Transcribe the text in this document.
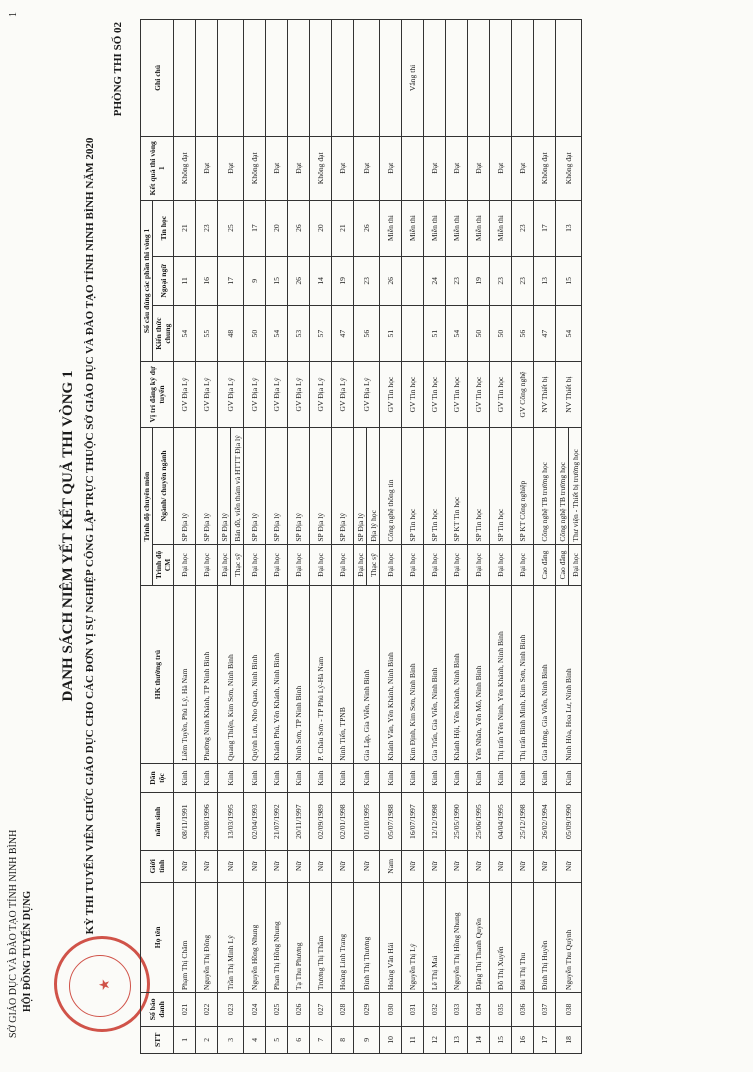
1
SỞ GIÁO DỤC VÀ ĐÀO TẠO TỈNH NINH BÌNH HỘI ĐỒNG TUYỂN DỤNG	★
DANH SÁCH NIÊM YẾT KẾT QUẢ THI VÒNG 1 KỲ THI TUYỂN VIÊN CHỨC GIÁO DỤC CHO CÁC ĐƠN VỊ SỰ NGHIỆP CÔNG LẬP TRỰC THUỘC SỞ GIÁO DỤC VÀ ĐÀO TẠO TỈNH NINH BÌNH NĂM 2020
PHÒNG THI SỐ 02
STT	Số báo danh	Họ tên	Giới tính	năm sinh	Dân tộc	HK thường trú	Trình độ chuyên môn		Vị trí đăng ký dự tuyển	Số câu đúng các phần thi vòng 1			Kết quả thi vòng 1	Ghi chú
							Trình độ CM	Ngành/ chuyên ngành		Kiến thức chung	Ngoại ngữ	Tin học		
1	021	Phạm Thị Châm	Nữ	08/11/1991	Kinh	Liêm Tuyền, Phủ Lý, Hà Nam	Đại học	SP Địa lý	GV Địa Lý	54	11	21	Không đạt	
2	022	Nguyễn Thị Đông	Nữ	29/08/1996	Kinh	Phường Ninh Khánh, TP Ninh Bình	Đại học	SP Địa lý	GV Địa Lý	55	16	23	Đạt	
3	023	Trần Thị Minh Lý	Nữ	13/03/1995	Kinh	Quang Thiện, Kim Sơn, Ninh Bình	Đại học	SP Địa lý	GV Địa Lý	48	17	25	Đạt	
							Thạc sỹ	Bản đồ, viễn thám và HTTT Địa lý						
4	024	Nguyễn Hồng Nhung	Nữ	02/04/1993	Kinh	Quỳnh Lưu, Nho Quan, Ninh Bình	Đại học	SP Địa lý	GV Địa Lý	50	9	17	Không đạt	
5	025	Phan Thị Hồng Nhung	Nữ	21/07/1992	Kinh	Khánh Phú, Yên Khánh, Ninh Bình	Đại học	SP Địa lý	GV Địa Lý	54	15	20	Đạt	
6	026	Tạ Thu Phương	Nữ	20/11/1997	Kinh	Ninh Sơn, TP Ninh Bình	Đại học	SP Địa lý	GV Địa Lý	53	26	26	Đạt	
7	027	Trương Thị Thắm	Nữ	02/09/1989	Kinh	P. Châu Sơn - TP Phủ Lý-Hà Nam	Đại học	SP Địa lý	GV Địa Lý	57	14	20	Không đạt	
8	028	Hoàng Linh Trang	Nữ	02/01/1998	Kinh	Ninh Tiến, TPNB	Đại học	SP Địa lý	GV Địa Lý	47	19	21	Đạt	
9	029	Đinh Thị Thương	Nữ	01/10/1995	Kinh	Gia Lập, Gia Viễn, Ninh Bình	Đại học	SP Địa lý	GV Địa Lý	56	23	26	Đạt	
							Thạc sỹ	Địa lý học						
10	030	Hoàng Văn Hải	Nam	05/07/1988	Kinh	Khánh Vân, Yên Khánh, Ninh Bình	Đại học	Công nghệ thông tin	GV Tin học	51	26	Miễn thi	Đạt	
11	031	Nguyễn Thị Lý	Nữ	16/07/1997	Kinh	Kim Định, Kim Sơn, Ninh Bình	Đại học	SP Tin học	GV Tin học			Miễn thi		Vắng thi
12	032	Lê Thị Mai	Nữ	12/12/1998	Kinh	Gia Trấn, Gia Viễn, Ninh Bình	Đại học	SP Tin học	GV Tin học	51	24	Miễn thi	Đạt	
13	033	Nguyễn Thị Hồng Nhung	Nữ	25/05/1990	Kinh	Khánh Hội, Yên Khánh, Ninh Bình	Đại học	SP KT Tin học	GV Tin học	54	23	Miễn thi	Đạt	
14	034	Đặng Thị Thanh Quyên	Nữ	25/06/1995	Kinh	Yên Nhân, Yên Mô, Ninh Bình	Đại học	SP Tin học	GV Tin học	50	19	Miễn thi	Đạt	
15	035	Đỗ Thị Xuyến	Nữ	04/04/1995	Kinh	Thị trấn Yên Ninh, Yên Khánh, Ninh Bình	Đại học	SP Tin học	GV Tin học	50	23	Miễn thi	Đạt	
16	036	Bùi Thị Thu	Nữ	25/12/1998	Kinh	Thị trấn Bình Minh, Kim Sơn, Ninh Bình	Đại học	SP KT Công nghiệp	GV Công nghệ	56	23	23	Đạt	
17	037	Đinh Thị Huyền	Nữ	26/02/1994	Kinh	Gia Hưng, Gia Viễn, Ninh Bình	Cao đẳng	Công nghệ TB trường học	NV Thiết bị	47	13	17	Không đạt	
18	038	Nguyễn Thu Quỳnh	Nữ	05/09/1990	Kinh	Ninh Hòa, Hoa Lư, Ninh Bình	Cao đẳng	Công nghệ TB trường học	NV Thiết bị	54	15	13	Không đạt	
							Đại học	Thư viện - Thiết bị trường học						
